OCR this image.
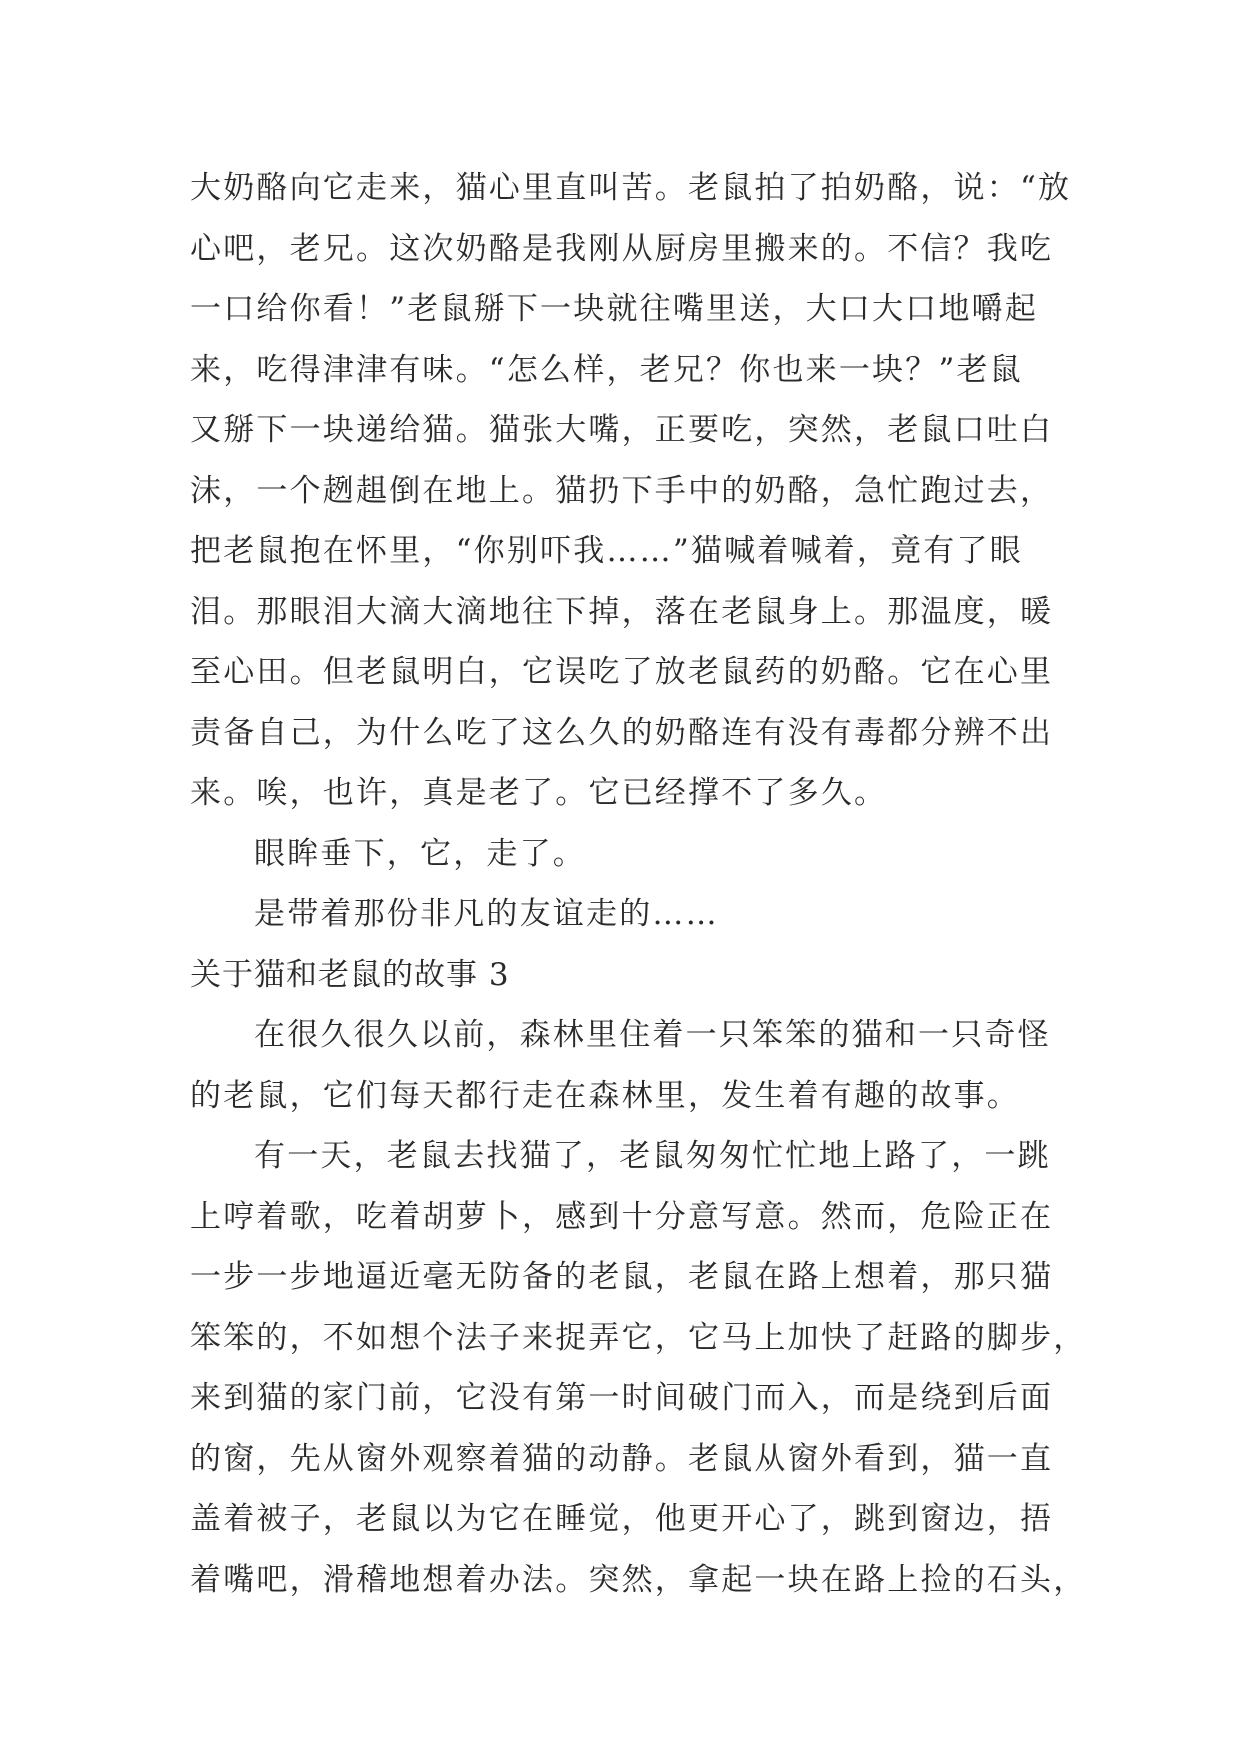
大奶酪向它走来，猫心里直叫苦。老鼠拍了拍奶酪，说：“放
心吧，老兄。这次奶酪是我刚从厨房里搬来的。不信？我吃
一口给你看！”老鼠掰下一块就往嘴里送，大口大口地嚼起
来，吃得津津有味。“怎么样，老兄？你也来一块？”老鼠
又掰下一块递给猫。猫张大嘴，正要吃，突然，老鼠口吐白
沫，一个趔趄倒在地上。猫扔下手中的奶酪，急忙跑过去，
把老鼠抱在怀里，“你别吓我……”猫喊着喊着，竟有了眼
泪。那眼泪大滴大滴地往下掉，落在老鼠身上。那温度，暖
至心田。但老鼠明白，它误吃了放老鼠药的奶酪。它在心里
责备自己，为什么吃了这么久的奶酪连有没有毒都分辨不出
来。唉，也许，真是老了。它已经撑不了多久。
眼眸垂下，它，走了。
是带着那份非凡的友谊走的……
关于猫和老鼠的故事 3
在很久很久以前，森林里住着一只笨笨的猫和一只奇怪
的老鼠，它们每天都行走在森林里，发生着有趣的故事。
有一天，老鼠去找猫了，老鼠匆匆忙忙地上路了，一跳
上哼着歌，吃着胡萝卜，感到十分意写意。然而，危险正在
一步一步地逼近毫无防备的老鼠，老鼠在路上想着，那只猫
笨笨的，不如想个法子来捉弄它，它马上加快了赶路的脚步，
来到猫的家门前，它没有第一时间破门而入，而是绕到后面
的窗，先从窗外观察着猫的动静。老鼠从窗外看到，猫一直
盖着被子，老鼠以为它在睡觉，他更开心了，跳到窗边，捂
着嘴吧，滑稽地想着办法。突然，拿起一块在路上捡的石头，
